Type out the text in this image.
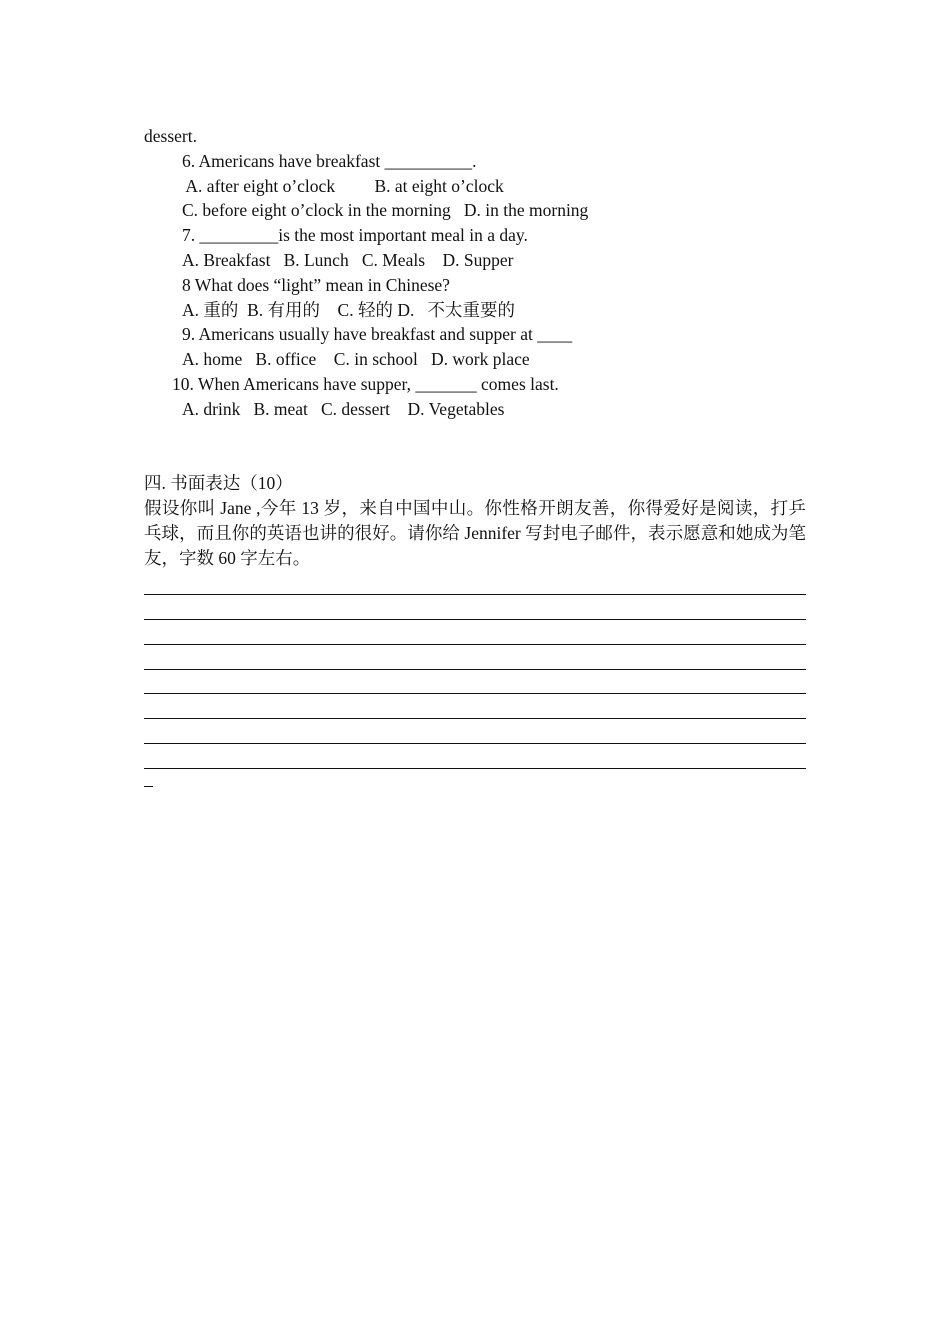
dessert.
6. Americans have breakfast __________.
A. after eight o’clock         B. at eight o’clock
C. before eight o’clock in the morning   D. in the morning
7. _________is the most important meal in a day.
A. Breakfast   B. Lunch   C. Meals    D. Supper
8 What does “light” mean in Chinese?
A. 重的  B. 有用的    C. 轻的 D.   不太重要的
9. Americans usually have breakfast and supper at ____
A. home   B. office    C. in school   D. work place
10. When Americans have supper, _______ comes last.
A. drink   B. meat   C. dessert    D. Vegetables
四. 书面表达（10）
假设你叫 Jane ,今年 13 岁，来自中国中山。你性格开朗友善，你得爱好是阅读，打乒乓球，而且你的英语也讲的很好。请你给 Jennifer 写封电子邮件，表示愿意和她成为笔友，字数 60 字左右。
